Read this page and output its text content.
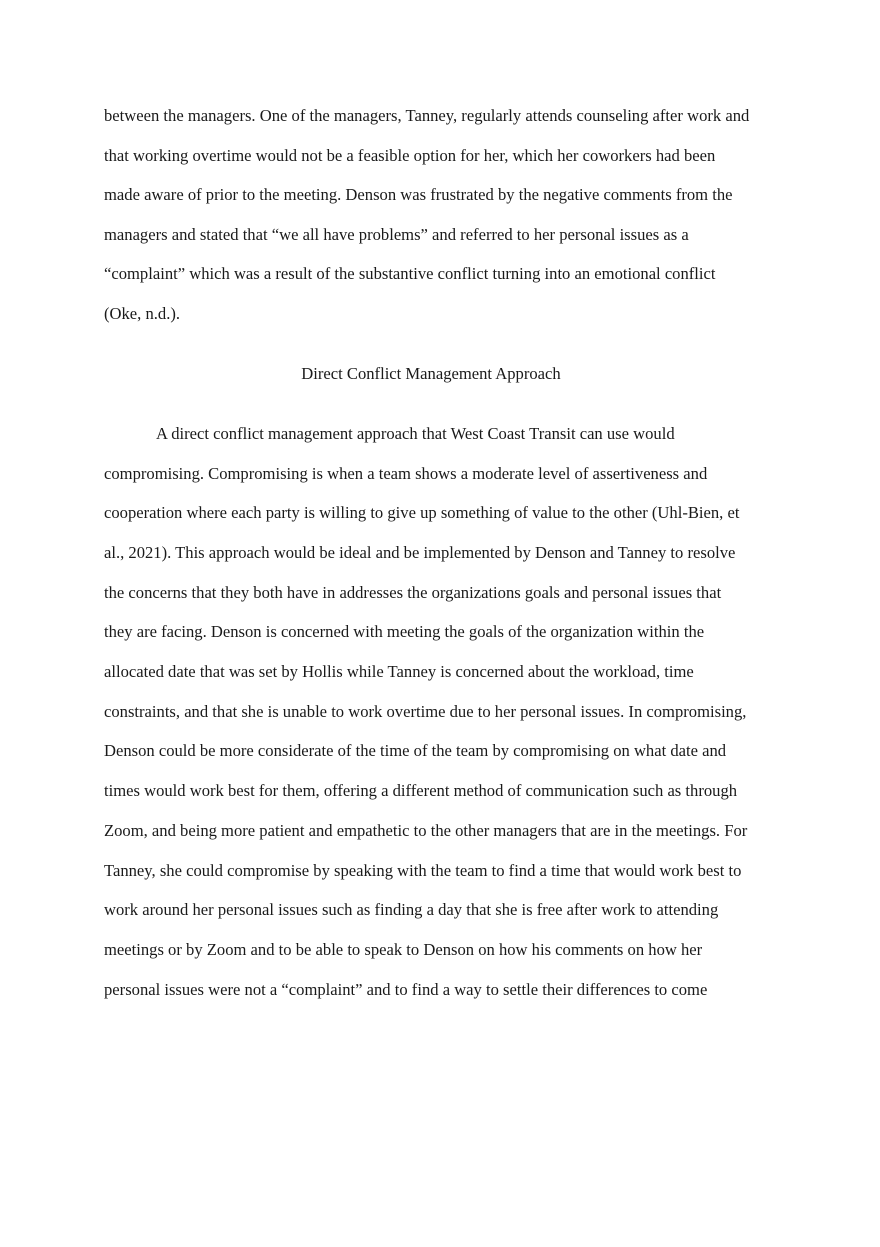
between the managers. One of the managers, Tanney, regularly attends counseling after work and
that working overtime would not be a feasible option for her, which her coworkers had been
made aware of prior to the meeting. Denson was frustrated by the negative comments from the
managers and stated that “we all have problems” and referred to her personal issues as a
“complaint” which was a result of the substantive conflict turning into an emotional conflict
(Oke, n.d.).
Direct Conflict Management Approach
A direct conflict management approach that West Coast Transit can use would
compromising. Compromising is when a team shows a moderate level of assertiveness and
cooperation where each party is willing to give up something of value to the other (Uhl-Bien, et
al., 2021). This approach would be ideal and be implemented by Denson and Tanney to resolve
the concerns that they both have in addresses the organizations goals and personal issues that
they are facing. Denson is concerned with meeting the goals of the organization within the
allocated date that was set by Hollis while Tanney is concerned about the workload, time
constraints, and that she is unable to work overtime due to her personal issues. In compromising,
Denson could be more considerate of the time of the team by compromising on what date and
times would work best for them, offering a different method of communication such as through
Zoom, and being more patient and empathetic to the other managers that are in the meetings. For
Tanney, she could compromise by speaking with the team to find a time that would work best to
work around her personal issues such as finding a day that she is free after work to attending
meetings or by Zoom and to be able to speak to Denson on how his comments on how her
personal issues were not a “complaint” and to find a way to settle their differences to come
